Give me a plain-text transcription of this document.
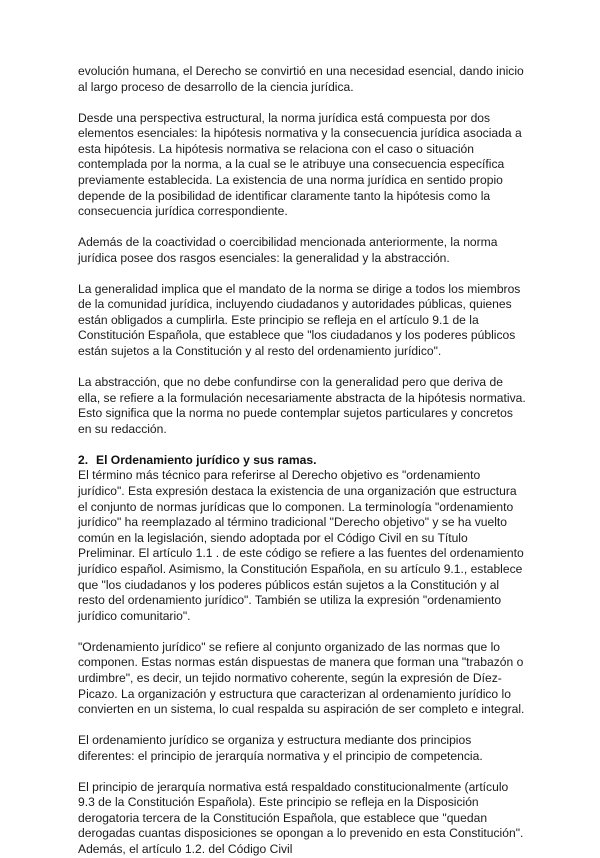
evolución humana, el Derecho se convirtió en una necesidad esencial, dando inicio al largo proceso de desarrollo de la ciencia jurídica.

Desde una perspectiva estructural, la norma jurídica está compuesta por dos elementos esenciales: la hipótesis normativa y la consecuencia jurídica asociada a esta hipótesis. La hipótesis normativa se relaciona con el caso o situación contemplada por la norma, a la cual se le atribuye una consecuencia específica previamente establecida. La existencia de una norma jurídica en sentido propio depende de la posibilidad de identificar claramente tanto la hipótesis como la consecuencia jurídica correspondiente.

Además de la coactividad o coercibilidad mencionada anteriormente, la norma jurídica posee dos rasgos esenciales: la generalidad y la abstracción.

La generalidad implica que el mandato de la norma se dirige a todos los miembros de la comunidad jurídica, incluyendo ciudadanos y autoridades públicas, quienes están obligados a cumplirla. Este principio se refleja en el artículo 9.1 de la Constitución Española, que establece que "los ciudadanos y los poderes públicos están sujetos a la Constitución y al resto del ordenamiento jurídico".

La abstracción, que no debe confundirse con la generalidad pero que deriva de ella, se refiere a la formulación necesariamente abstracta de la hipótesis normativa. Esto significa que la norma no puede contemplar sujetos particulares y concretos en su redacción.

2. El Ordenamiento jurídico y sus ramas.

El término más técnico para referirse al Derecho objetivo es "ordenamiento jurídico". Esta expresión destaca la existencia de una organización que estructura el conjunto de normas jurídicas que lo componen. La terminología "ordenamiento jurídico" ha reemplazado al término tradicional "Derecho objetivo" y se ha vuelto común en la legislación, siendo adoptada por el Código Civil en su Título Preliminar. El artículo 1.1 . de este código se refiere a las fuentes del ordenamiento jurídico español. Asimismo, la Constitución Española, en su artículo 9.1., establece que "los ciudadanos y los poderes públicos están sujetos a la Constitución y al resto del ordenamiento jurídico". También se utiliza la expresión "ordenamiento jurídico comunitario".

"Ordenamiento jurídico" se refiere al conjunto organizado de las normas que lo componen. Estas normas están dispuestas de manera que forman una "trabazón o urdimbre", es decir, un tejido normativo coherente, según la expresión de Díez-Picazo. La organización y estructura que caracterizan al ordenamiento jurídico lo convierten en un sistema, lo cual respalda su aspiración de ser completo e integral.

El ordenamiento jurídico se organiza y estructura mediante dos principios diferentes: el principio de jerarquía normativa y el principio de competencia.

El principio de jerarquía normativa está respaldado constitucionalmente (artículo 9.3 de la Constitución Española). Este principio se refleja en la Disposición derogatoria tercera de la Constitución Española, que establece que "quedan derogadas cuantas disposiciones se opongan a lo prevenido en esta Constitución". Además, el artículo 1.2. del Código Civil
